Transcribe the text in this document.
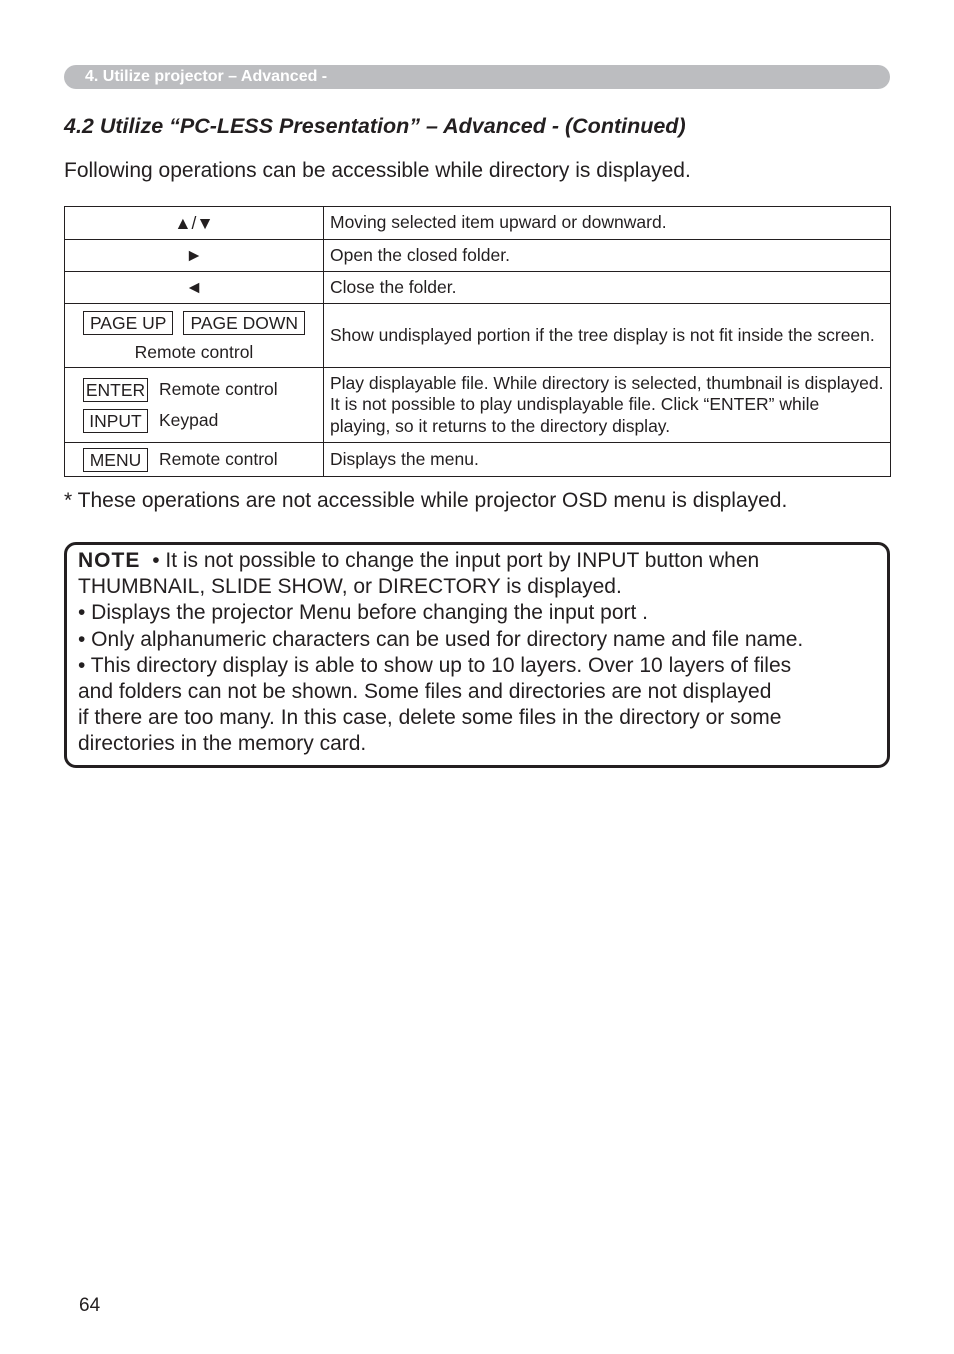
4. Utilize projector – Advanced -
4.2 Utilize “PC-LESS Presentation” – Advanced - (Continued)
Following operations can be accessible while directory is displayed.
▲/▼	Moving selected item upward or downward.
►	Open the closed folder.
◄	Close the folder.

PAGE UP PAGE DOWN
Remote control	Show undisplayed portion if the tree display is not fit inside the screen.

ENTER Remote control
INPUT Keypad	Play displayable file. While directory is selected, thumbnail is displayed. It is not possible to play undisplayable file. Click “ENTER” while playing, so it returns to the directory display.

MENU Remote control	Displays the menu.
* These operations are not accessible while projector OSD menu is displayed.
NOTE • It is not possible to change the input port by INPUT button when
THUMBNAIL, SLIDE SHOW, or DIRECTORY is displayed.
• Displays the projector Menu before changing the input port .
• Only alphanumeric characters can be used for directory name and file name.
• This directory display is able to show up to 10 layers. Over 10 layers of files
and folders can not be shown. Some files and directories are not displayed
if there are too many. In this case, delete some files in the directory or some
directories in the memory card.
64
